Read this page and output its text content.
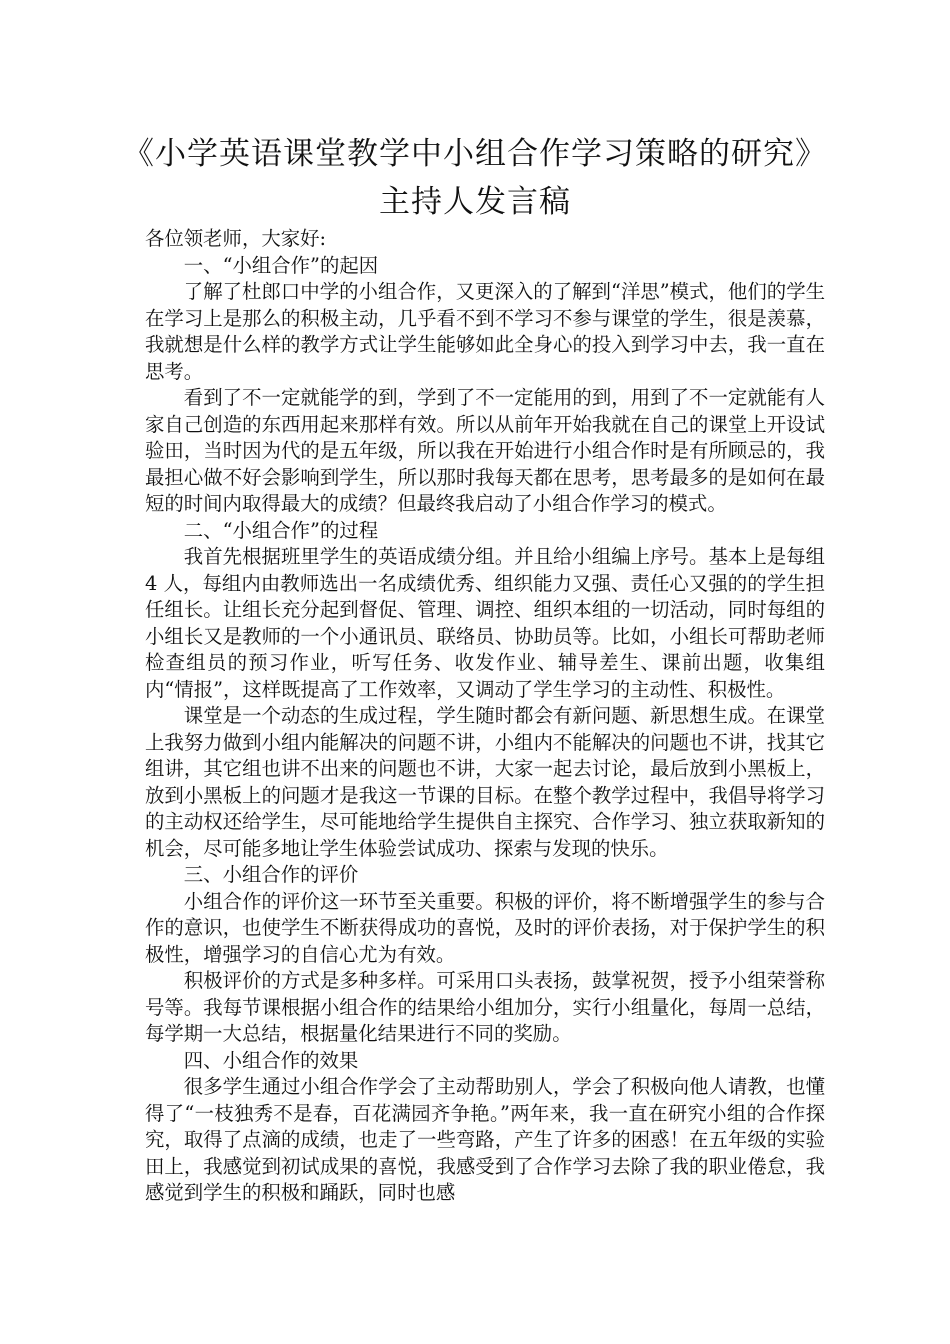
《小学英语课堂教学中小组合作学习策略的研究》
主持人发言稿

各位领老师，大家好:

一、“小组合作”的起因

了解了杜郎口中学的小组合作，又更深入的了解到“洋思”模式，他们的学生在学习上是那么的积极主动，几乎看不到不学习不参与课堂的学生，很是羡慕，我就想是什么样的教学方式让学生能够如此全身心的投入到学习中去，我一直在思考。

看到了不一定就能学的到，学到了不一定能用的到，用到了不一定就能有人家自己创造的东西用起来那样有效。所以从前年开始我就在自己的课堂上开设试验田，当时因为代的是五年级，所以我在开始进行小组合作时是有所顾忌的，我最担心做不好会影响到学生，所以那时我每天都在思考，思考最多的是如何在最短的时间内取得最大的成绩？但最终我启动了小组合作学习的模式。

二、“小组合作”的过程

我首先根据班里学生的英语成绩分组。并且给小组编上序号。基本上是每组 4 人，每组内由教师选出一名成绩优秀、组织能力又强、责任心又强的的学生担任组长。让组长充分起到督促、管理、调控、组织本组的一切活动，同时每组的小组长又是教师的一个小通讯员、联络员、协助员等。比如，小组长可帮助老师检查组员的预习作业，听写任务、收发作业、辅导差生、课前出题，收集组内“情报”，这样既提高了工作效率，又调动了学生学习的主动性、积极性。

课堂是一个动态的生成过程，学生随时都会有新问题、新思想生成。在课堂上我努力做到小组内能解决的问题不讲，小组内不能解决的问题也不讲，找其它组讲，其它组也讲不出来的问题也不讲，大家一起去讨论，最后放到小黑板上，放到小黑板上的问题才是我这一节课的目标。在整个教学过程中，我倡导将学习的主动权还给学生，尽可能地给学生提供自主探究、合作学习、独立获取新知的机会，尽可能多地让学生体验尝试成功、探索与发现的快乐。

三、小组合作的评价

小组合作的评价这一环节至关重要。积极的评价，将不断增强学生的参与合作的意识，也使学生不断获得成功的喜悦，及时的评价表扬，对于保护学生的积极性，增强学习的自信心尤为有效。

积极评价的方式是多种多样。可采用口头表扬，鼓掌祝贺，授予小组荣誉称号等。我每节课根据小组合作的结果给小组加分，实行小组量化，每周一总结，每学期一大总结，根据量化结果进行不同的奖励。

四、小组合作的效果

很多学生通过小组合作学会了主动帮助别人，学会了积极向他人请教，也懂得了“一枝独秀不是春，百花满园齐争艳。”两年来，我一直在研究小组的合作探究，取得了点滴的成绩，也走了一些弯路，产生了许多的困惑！在五年级的实验田上，我感觉到初试成果的喜悦，我感受到了合作学习去除了我的职业倦怠，我感觉到学生的积极和踊跃，同时也感
